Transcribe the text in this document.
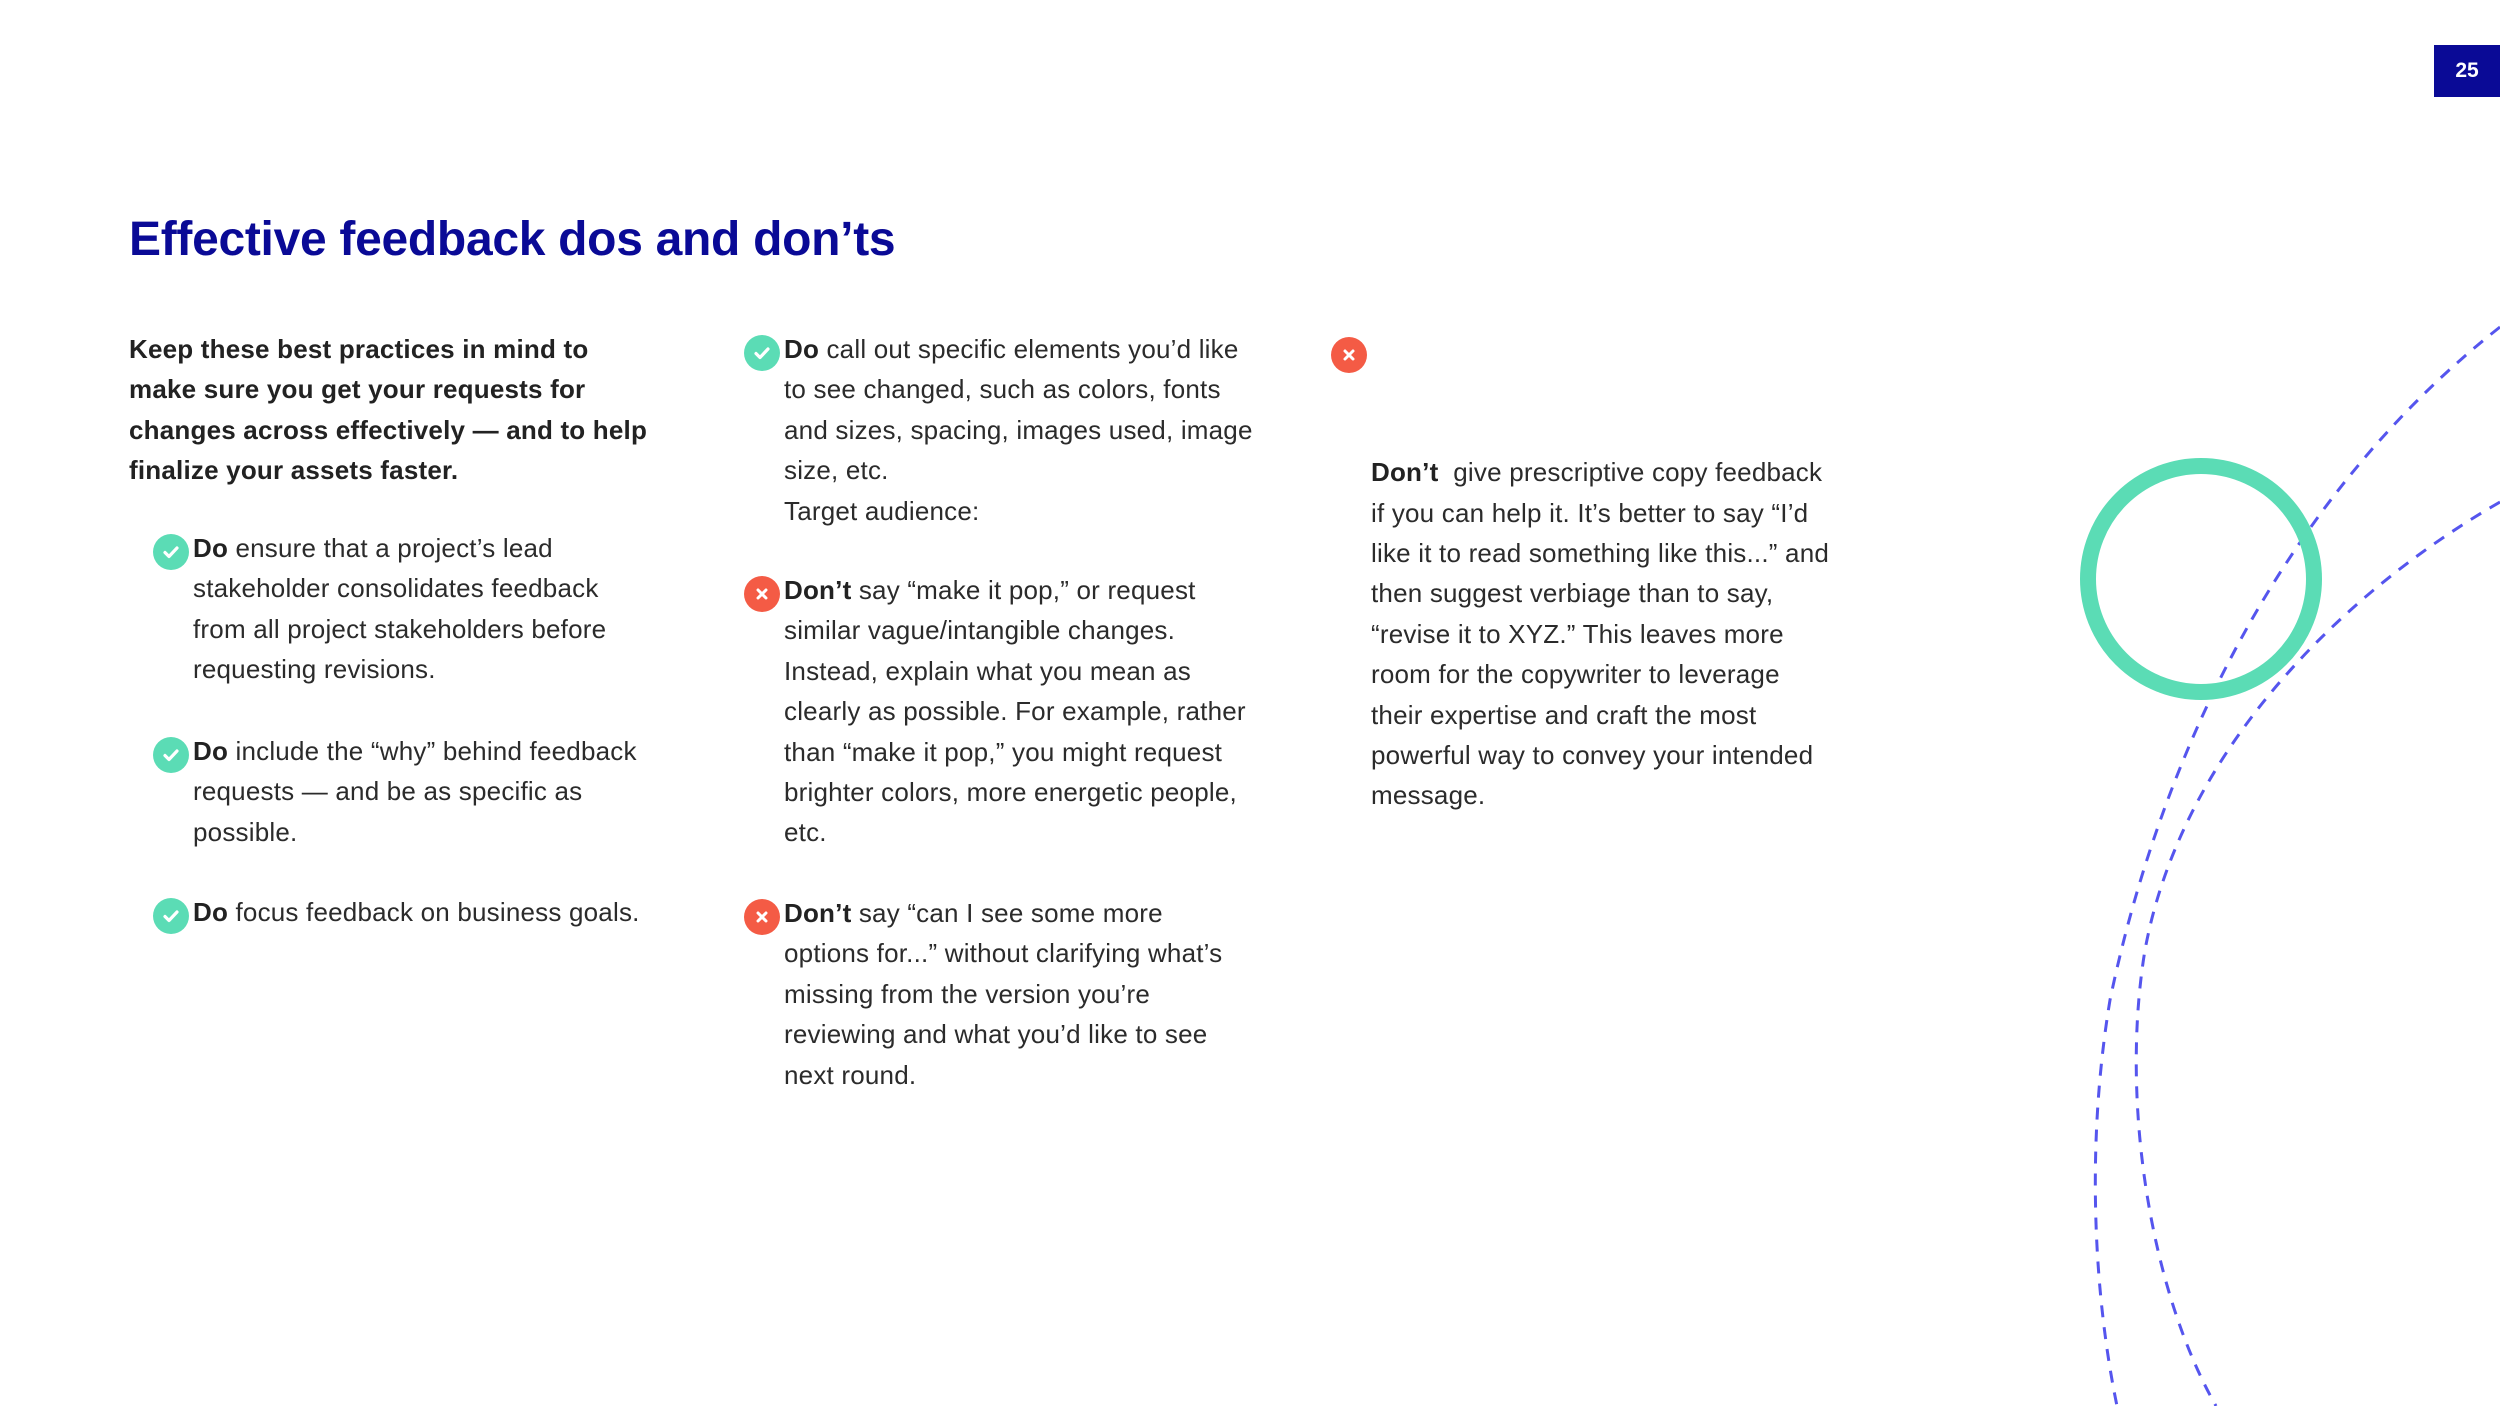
25
Effective feedback dos and don’ts
Keep these best practices in mind to make sure you get your requests for changes across effectively — and to help finalize your assets faster.

Do ensure that a project’s lead stakeholder consolidates feedback from all project stakeholders before requesting revisions.

Do include the “why” behind feedback requests — and be as specific as possible.

Do focus feedback on business goals.

Do call out specific elements you’d like to see changed, such as colors, fonts and sizes, spacing, images used, image size, etc.
Target audience:

Don’t say “make it pop,” or request similar vague/intangible changes. Instead, explain what you mean as clearly as possible. For example, rather than “make it pop,” you might request brighter colors, more energetic people, etc.

Don’t say “can I see some more options for...” without clarifying what’s missing from the version you’re reviewing and what you’d like to see next round.

Don’t  give prescriptive copy feedback if you can help it. It’s better to say “I’d like it to read something like this...” and then suggest verbiage than to say, “revise it to XYZ.” This leaves more room for the copywriter to leverage their expertise and craft the most powerful way to convey your intended message.
